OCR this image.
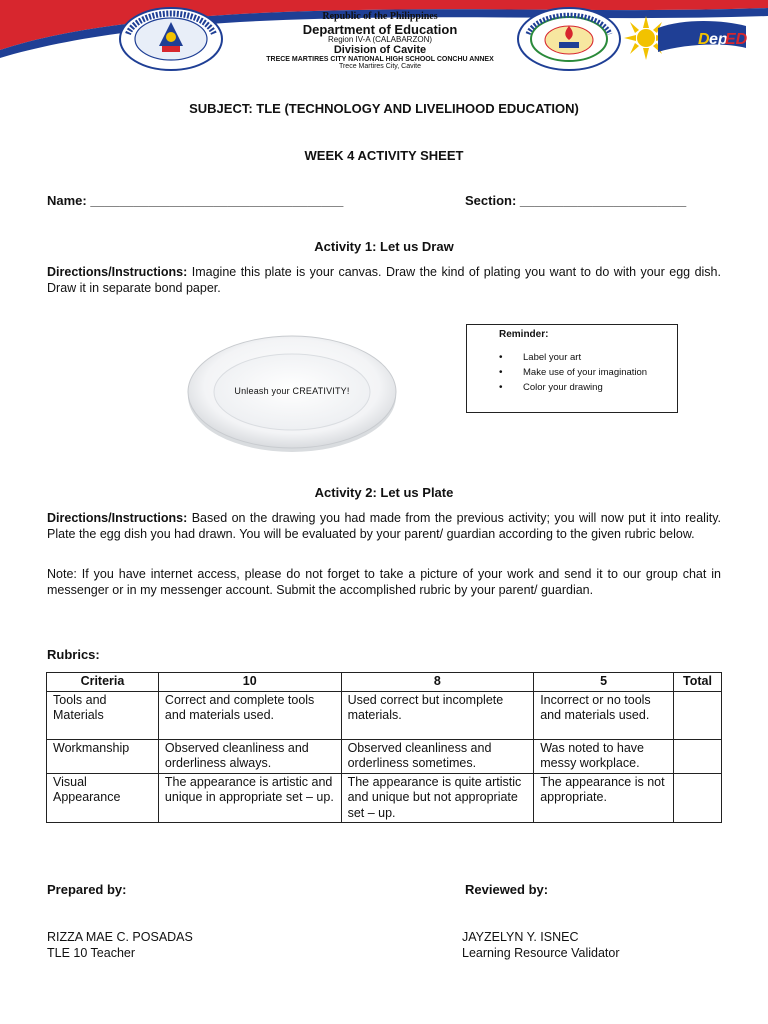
Republic of the Philippines
Department of Education
Region IV-A (CALABARZON)
Division of Cavite
TRECE MARTIRES CITY NATIONAL HIGH SCHOOL CONCHU ANNEX
Trece Martires City, Cavite
D ep
ED
SUBJECT: TLE (TECHNOLOGY AND LIVELIHOOD EDUCATION)
WEEK 4 ACTIVITY SHEET
Name: ___________________________________	Section: _______________________
Activity 1: Let us Draw
Directions/Instructions: Imagine this plate is your canvas. Draw the kind of plating you want to do with your egg dish. Draw it in separate bond paper.
Unleash your CREATIVITY!
Reminder:
• Label your art
• Make use of your imagination
• Color your drawing
Activity 2: Let us Plate
Directions/Instructions: Based on the drawing you had made from the previous activity; you will now put it into reality. Plate the egg dish you had drawn. You will be evaluated by your parent/ guardian according to the given rubric below.
Note: If you have internet access, please do not forget to take a picture of your work and send it to our group chat in messenger or in my messenger account. Submit the accomplished rubric by your parent/ guardian.
Rubrics:
Criteria	10	8	5	Total
Tools and Materials	Correct and complete tools and materials used.	Used correct but incomplete materials.	Incorrect or no tools and materials used.	
Workmanship	Observed cleanliness and orderliness always.	Observed cleanliness and orderliness sometimes.	Was noted to have messy workplace.	
Visual Appearance	The appearance is artistic and unique in appropriate set – up.	The appearance is quite artistic and unique but not appropriate set – up.	The appearance is not appropriate.	
Prepared by:	Reviewed by:
RIZZA MAE C. POSADAS
TLE 10 Teacher
JAYZELYN Y. ISNEC
Learning Resource Validator
